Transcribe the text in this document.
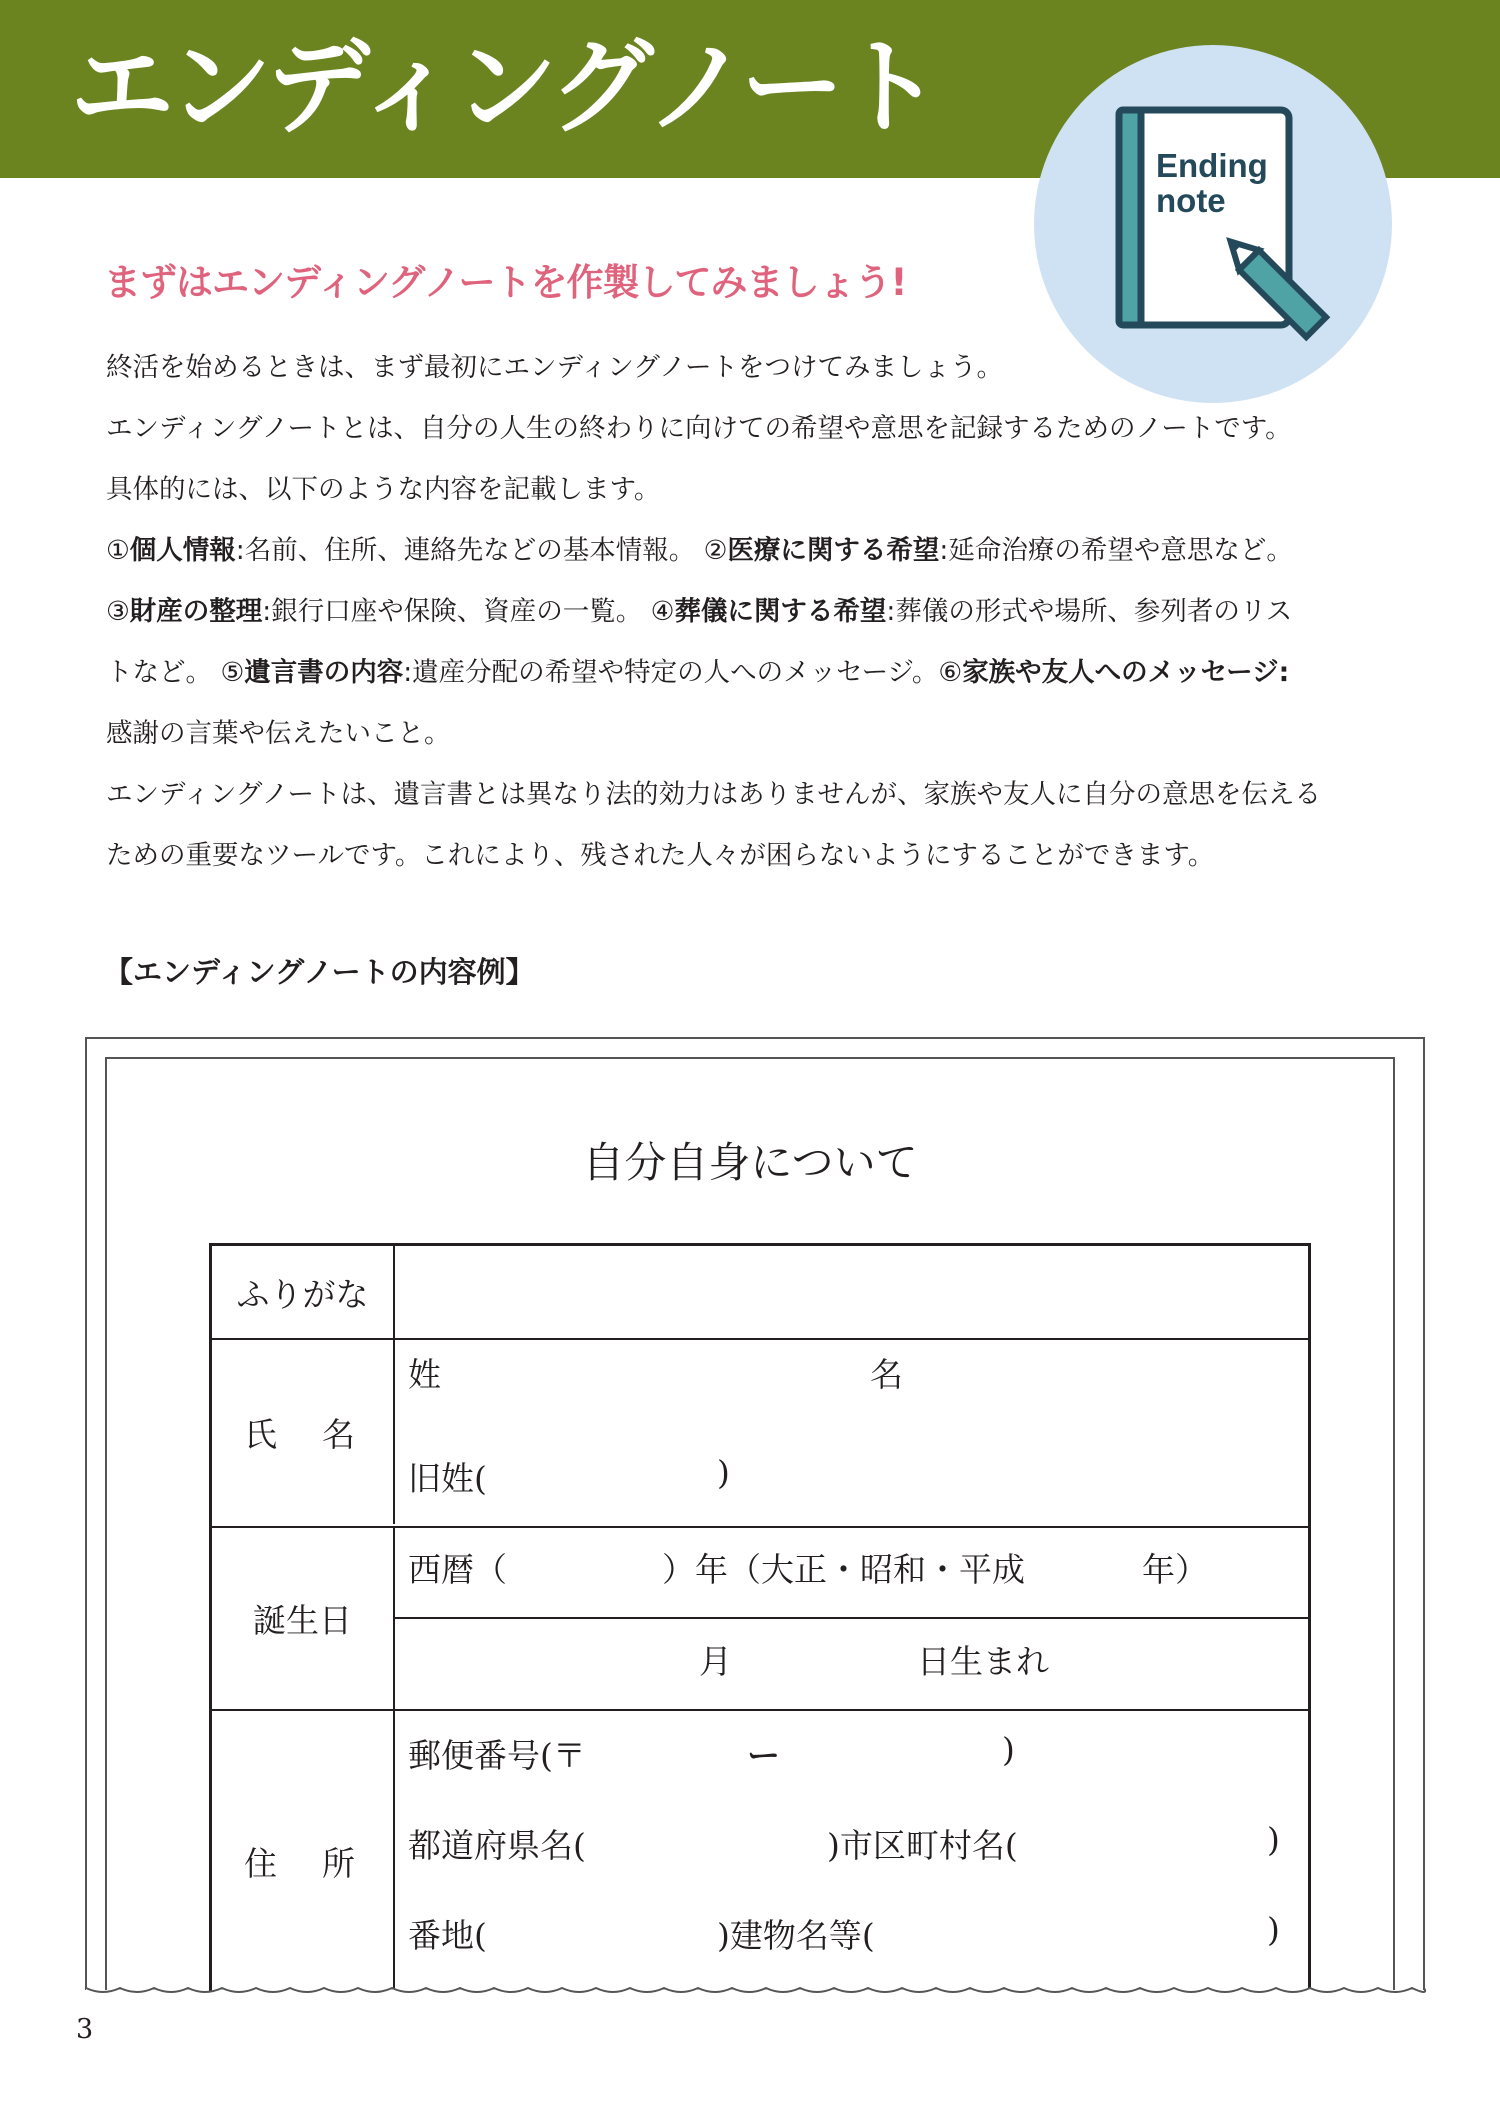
エンディングノート
Ending
note
まずはエンディングノートを作製してみましょう!
終活を始めるときは、まず最初にエンディングノートをつけてみましょう。
エンディングノートとは、自分の人生の終わりに向けての希望や意思を記録するためのノートです。
具体的には、以下のような内容を記載します。
①個人情報:名前、住所、連絡先などの基本情報。 ②医療に関する希望:延命治療の希望や意思など。
③財産の整理:銀行口座や保険、資産の一覧。 ④葬儀に関する希望:葬儀の形式や場所、参列者のリス
トなど。 ⑤遺言書の内容:遺産分配の希望や特定の人へのメッセージ。⑥家族や友人へのメッセージ:
感謝の言葉や伝えたいこと。
エンディングノートは、遺言書とは異なり法的効力はありませんが、家族や友人に自分の意思を伝える
ための重要なツールです。これにより、残された人々が困らないようにすることができます。
【エンディングノートの内容例】
自分自身について
ふりがな
氏　名
姓	名
旧姓(	)
誕生日
西暦（	）年（大正・昭和・平成	年）
月	日生まれ
住　所
郵便番号(〒	ー	)
都道府県名(	)市区町村名(	)
番地(	)建物名等(	)
3
